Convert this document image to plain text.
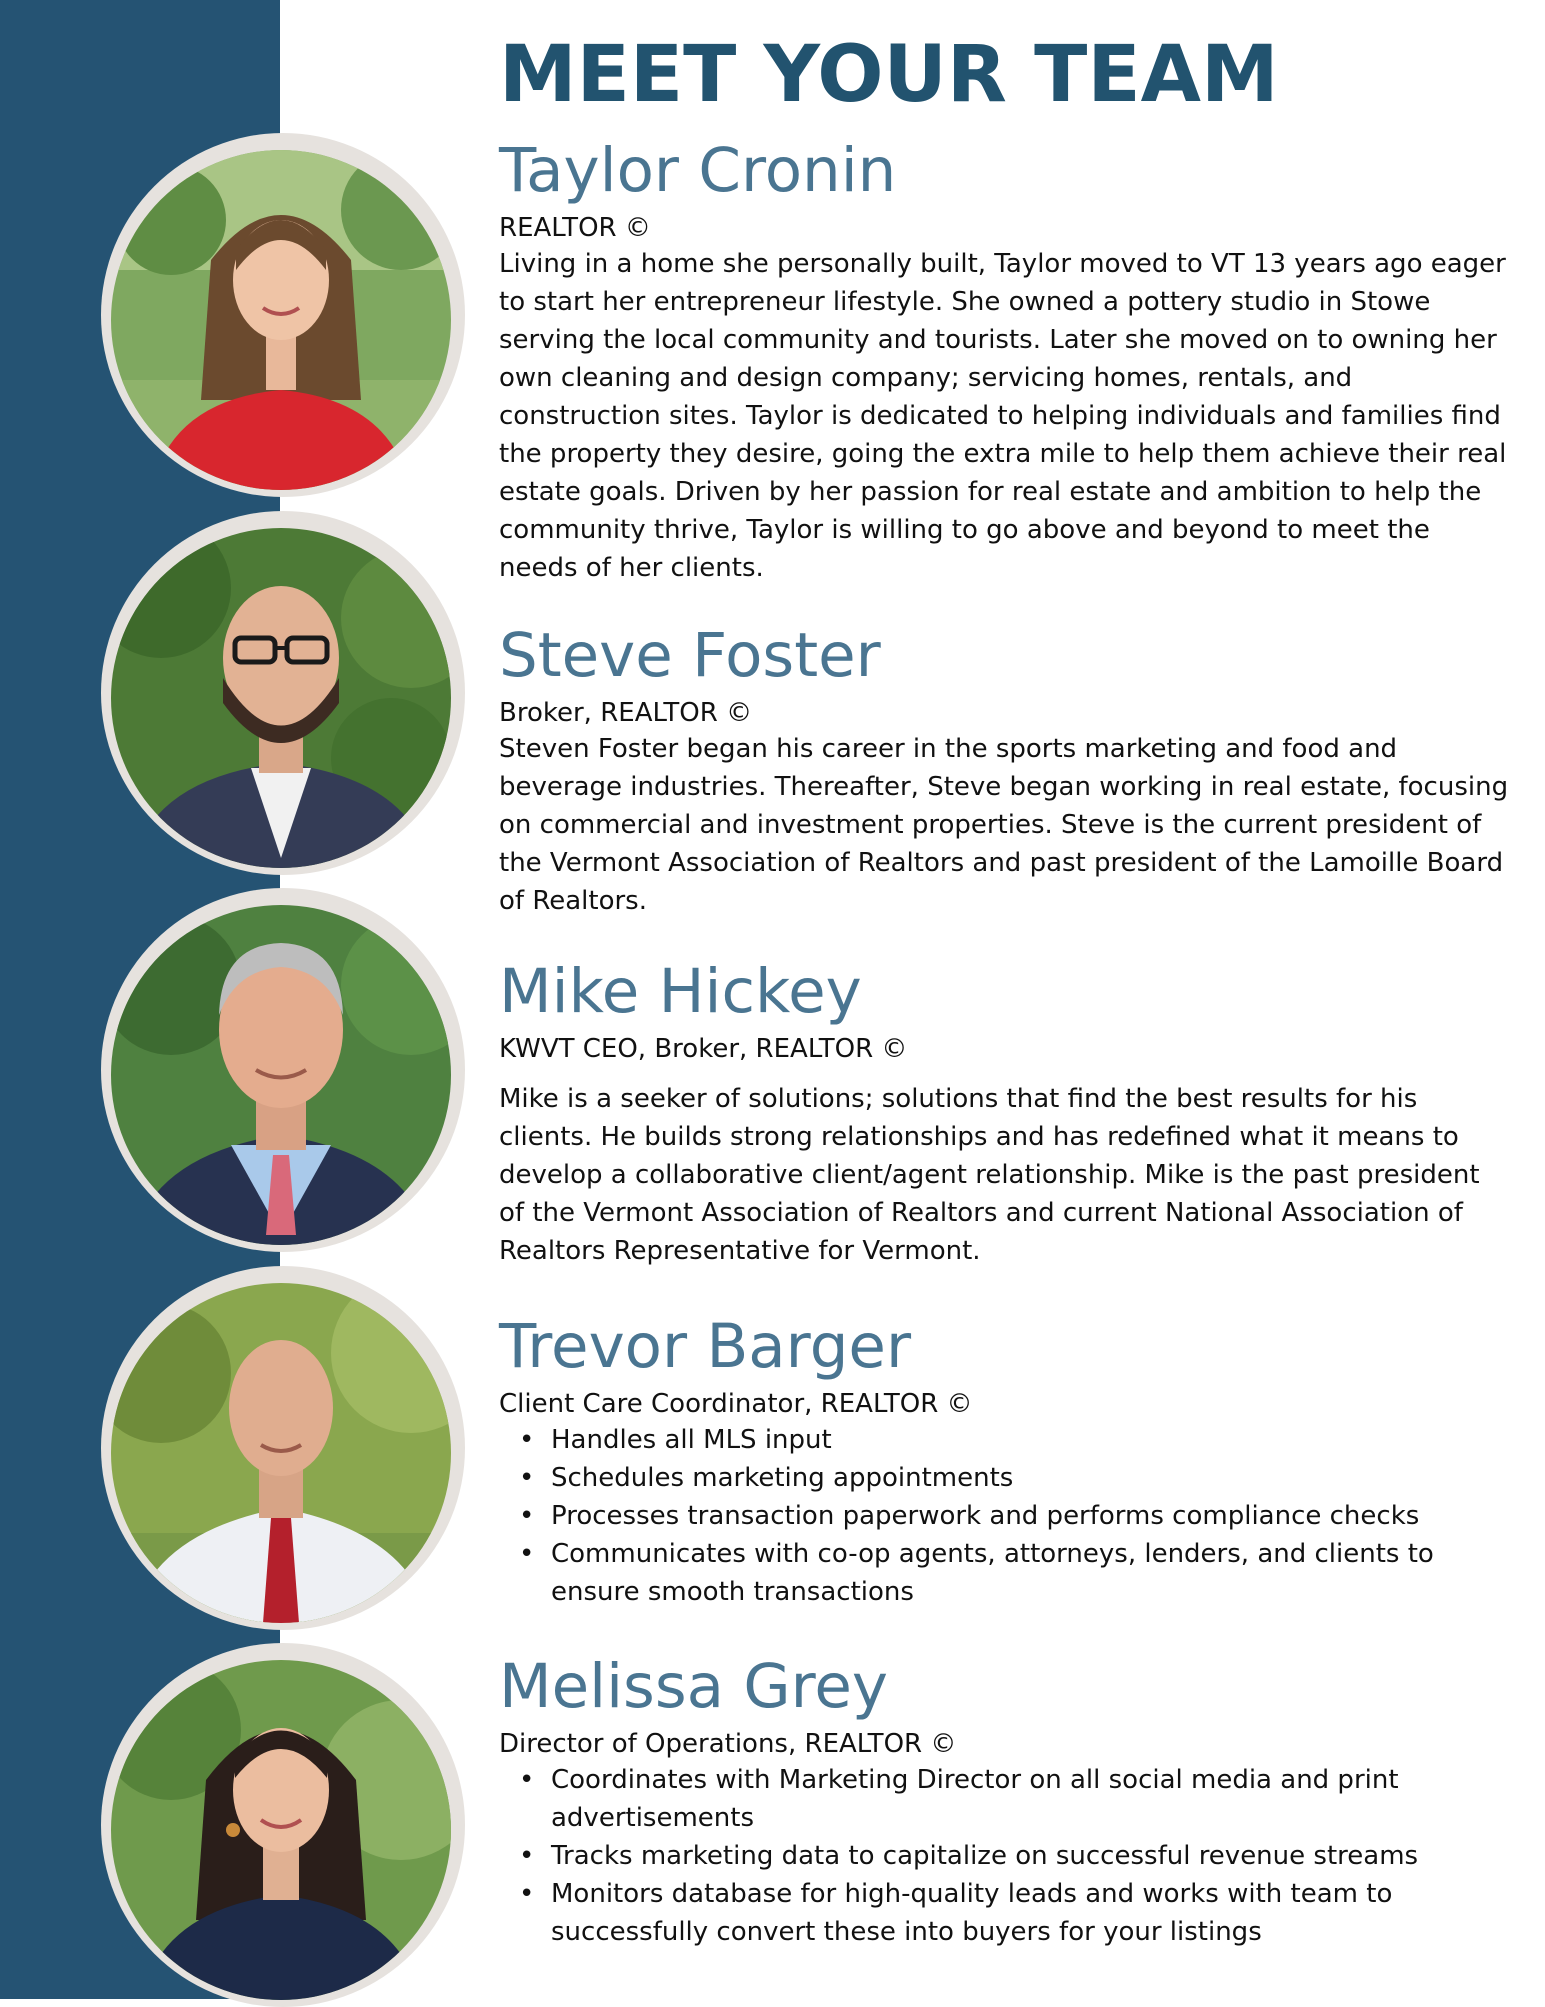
MEET YOUR TEAM
Taylor Cronin
REALTOR ©
Living in a home she personally built, Taylor moved to VT 13 years ago eager to start her entrepreneur lifestyle. She owned a pottery studio in Stowe serving the local community and tourists. Later she moved on to owning her own cleaning and design company; servicing homes, rentals, and construction sites. Taylor is dedicated to helping individuals and families find the property they desire, going the extra mile to help them achieve their real estate goals. Driven by her passion for real estate and ambition to help the community thrive, Taylor is willing to go above and beyond to meet the needs of her clients.
Steve Foster
Broker, REALTOR ©
Steven Foster began his career in the sports marketing and food and beverage industries. Thereafter, Steve began working in real estate, focusing on commercial and investment properties. Steve is the current president of the Vermont Association of Realtors and past president of the Lamoille Board of Realtors.
Mike Hickey
KWVT CEO, Broker, REALTOR ©
Mike is a seeker of solutions; solutions that find the best results for his clients. He builds strong relationships and has redefined what it means to develop a collaborative client/agent relationship. Mike is the past president of the Vermont Association of Realtors and current National Association of Realtors Representative for Vermont.
Trevor Barger
Client Care Coordinator, REALTOR ©
• Handles all MLS input
• Schedules marketing appointments
• Processes transaction paperwork and performs compliance checks
• Communicates with co-op agents, attorneys, lenders, and clients to ensure smooth transactions
Melissa Grey
Director of Operations, REALTOR ©
• Coordinates with Marketing Director on all social media and print advertisements
• Tracks marketing data to capitalize on successful revenue streams
• Monitors database for high-quality leads and works with team to successfully convert these into buyers for your listings
